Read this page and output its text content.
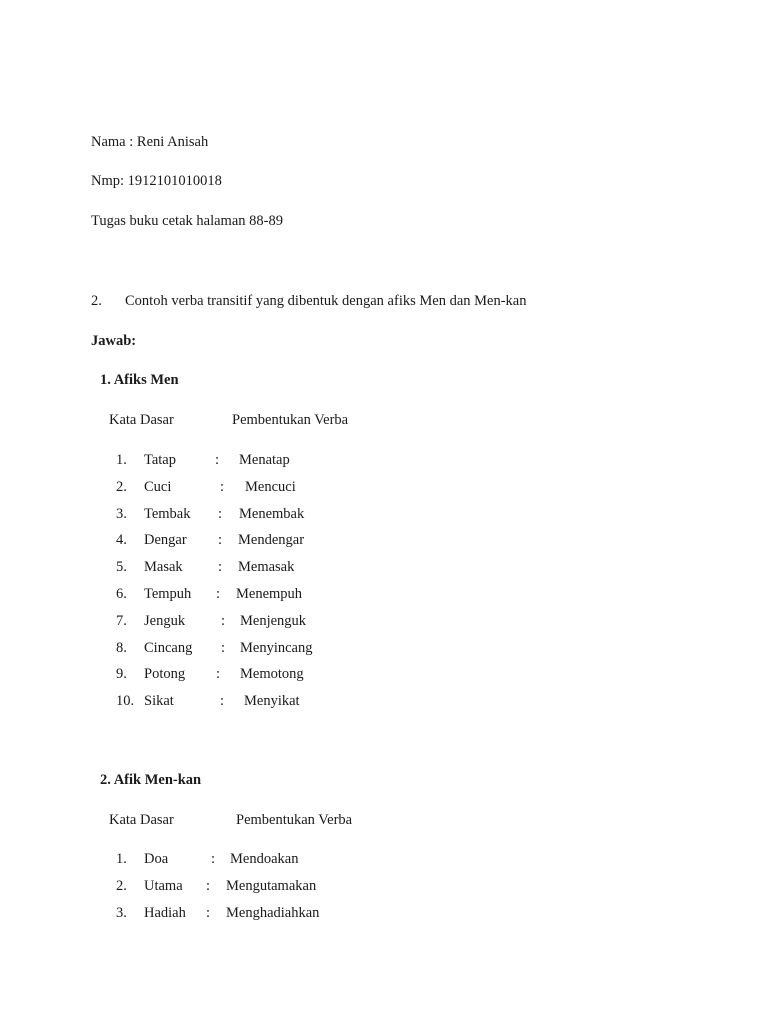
Nama : Reni Anisah
Nmp: 1912101010018
Tugas buku cetak halaman 88-89
2. Contoh verba transitif yang dibentuk dengan afiks Men dan Men-kan
Jawab:
1. Afiks Men
Kata Dasar	Pembentukan Verba
1. Tatap	: Menatap
2. Cuci	: Mencuci
3. Tembak : Menembak
4. Dengar : Mendengar
5. Masak : Memasak
6. Tempuh : Menempuh
7. Jenguk : Menjenguk
8. Cincang : Menyincang
9. Potong : Memotong
10. Sikat	: Menyikat
2. Afik Men-kan
Kata Dasar	Pembentukan Verba
1. Doa	: Mendoakan
2. Utama : Mengutamakan
3. Hadiah : Menghadiahkan
